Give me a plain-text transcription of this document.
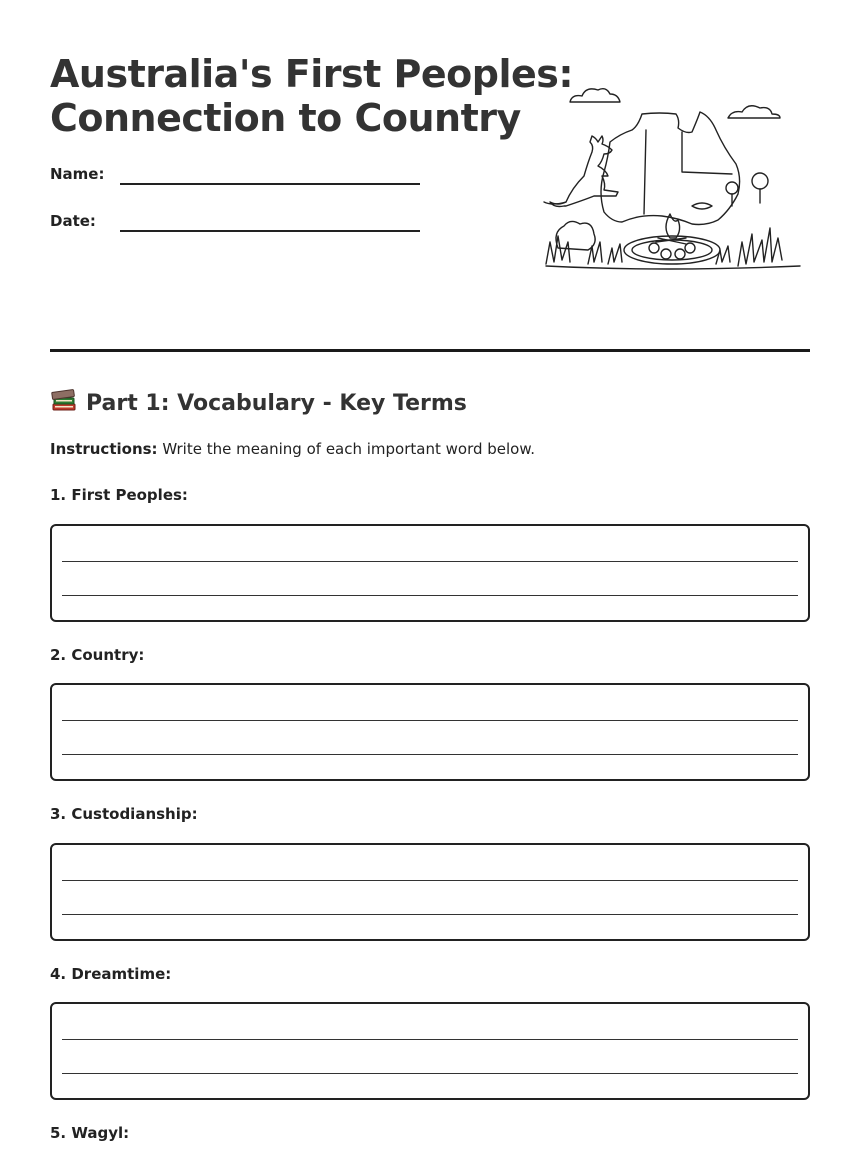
Australia's First Peoples:
Connection to Country
Name:
Date:
Part 1: Vocabulary - Key Terms
Instructions: Write the meaning of each important word below.
1. First Peoples:
2. Country:
3. Custodianship:
4. Dreamtime:
5. Wagyl:
